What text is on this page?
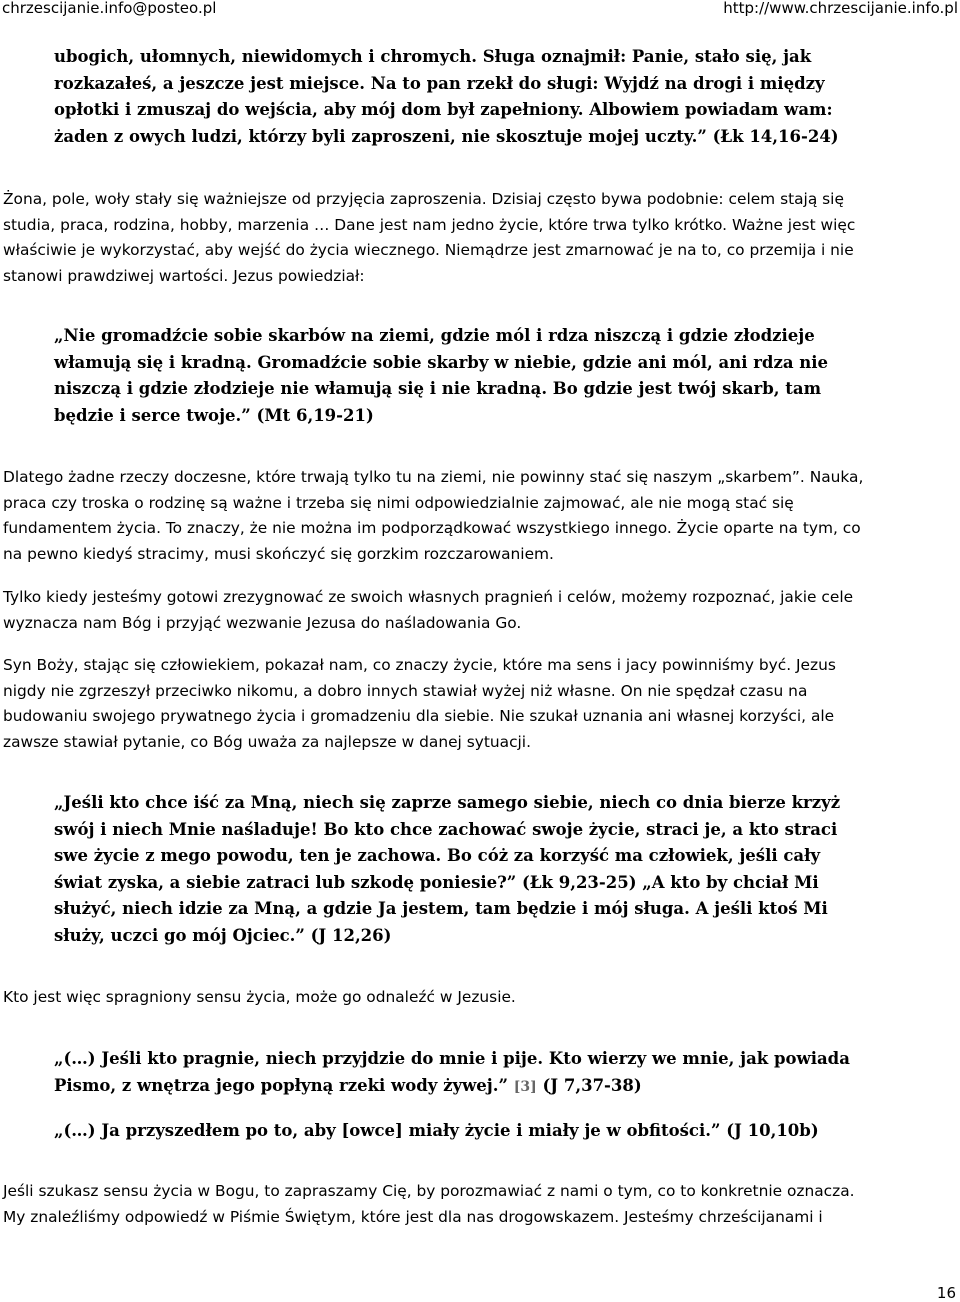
chrzescijanie.info@posteo.pl	http://www.chrzescijanie.info.pl
ubogich, ułomnych, niewidomych i chromych. Sługa oznajmił: Panie, stało się, jak
rozkazałeś, a jeszcze jest miejsce. Na to pan rzekł do sługi: Wyjdź na drogi i między
opłotki i zmuszaj do wejścia, aby mój dom był zapełniony. Albowiem powiadam wam:
żaden z owych ludzi, którzy byli zaproszeni, nie skosztuje mojej uczty.” (Łk 14,16-24)
Żona, pole, woły stały się ważniejsze od przyjęcia zaproszenia. Dzisiaj często bywa podobnie: celem stają się
studia, praca, rodzina, hobby, marzenia … Dane jest nam jedno życie, które trwa tylko krótko. Ważne jest więc
właściwie je wykorzystać, aby wejść do życia wiecznego. Niemądrze jest zmarnować je na to, co przemija i nie
stanowi prawdziwej wartości. Jezus powiedział:
„Nie gromadźcie sobie skarbów na ziemi, gdzie mól i rdza niszczą i gdzie złodzieje
włamują się i kradną. Gromadźcie sobie skarby w niebie, gdzie ani mól, ani rdza nie
niszczą i gdzie złodzieje nie włamują się i nie kradną. Bo gdzie jest twój skarb, tam
będzie i serce twoje.” (Mt 6,19-21)
Dlatego żadne rzeczy doczesne, które trwają tylko tu na ziemi, nie powinny stać się naszym „skarbem”. Nauka,
praca czy troska o rodzinę są ważne i trzeba się nimi odpowiedzialnie zajmować, ale nie mogą stać się
fundamentem życia. To znaczy, że nie można im podporządkować wszystkiego innego. Życie oparte na tym, co
na pewno kiedyś stracimy, musi skończyć się gorzkim rozczarowaniem.
Tylko kiedy jesteśmy gotowi zrezygnować ze swoich własnych pragnień i celów, możemy rozpoznać, jakie cele
wyznacza nam Bóg i przyjąć wezwanie Jezusa do naśladowania Go.
Syn Boży, stając się człowiekiem, pokazał nam, co znaczy życie, które ma sens i jacy powinniśmy być. Jezus
nigdy nie zgrzeszył przeciwko nikomu, a dobro innych stawiał wyżej niż własne. On nie spędzał czasu na
budowaniu swojego prywatnego życia i gromadzeniu dla siebie. Nie szukał uznania ani własnej korzyści, ale
zawsze stawiał pytanie, co Bóg uważa za najlepsze w danej sytuacji.
„Jeśli kto chce iść za Mną, niech się zaprze samego siebie, niech co dnia bierze krzyż
swój i niech Mnie naśladuje! Bo kto chce zachować swoje życie, straci je, a kto straci
swe życie z mego powodu, ten je zachowa. Bo cóż za korzyść ma człowiek, jeśli cały
świat zyska, a siebie zatraci lub szkodę poniesie?” (Łk 9,23-25) „A kto by chciał Mi
służyć, niech idzie za Mną, a gdzie Ja jestem, tam będzie i mój sługa. A jeśli ktoś Mi
służy, uczci go mój Ojciec.” (J 12,26)
Kto jest więc spragniony sensu życia, może go odnaleźć w Jezusie.
„(…) Jeśli kto pragnie, niech przyjdzie do mnie i pije. Kto wierzy we mnie, jak powiada
Pismo, z wnętrza jego popłyną rzeki wody żywej.” [3] (J 7,37-38)
„(…) Ja przyszedłem po to, aby [owce] miały życie i miały je w obfitości.” (J 10,10b)
Jeśli szukasz sensu życia w Bogu, to zapraszamy Cię, by porozmawiać z nami o tym, co to konkretnie oznacza.
My znaleźliśmy odpowiedź w Piśmie Świętym, które jest dla nas drogowskazem. Jesteśmy chrześcijanami i
16
